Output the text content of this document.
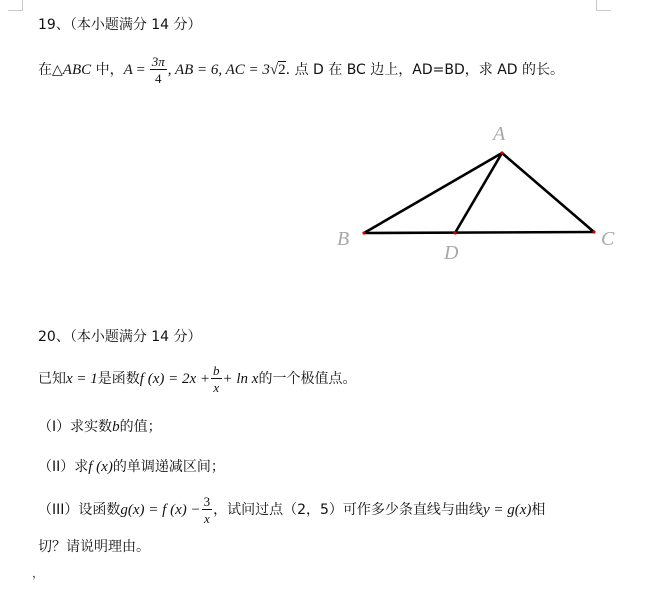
19、（本小题满分 14 分）
在△ABC 中，$A = \frac{3\pi}{4}$ , AB = 6, AC = 3√2. 点 D 在 BC 边上，AD=BD，求 AD 的长。
A
B	C
D
20、（本小题满分 14 分）
已知x = 1是函数f $(x) = 2x + \frac{b}{x} + \ln x$的一个极值点。
（I）求实数b的值；
（II）求f (x)的单调递减区间；
（III）设函数g(x) = f $(x) - \frac{3}{x}$ ，试问过点（2，5）可作多少条直线与曲线y = g(x)相
切？请说明理由。
，
